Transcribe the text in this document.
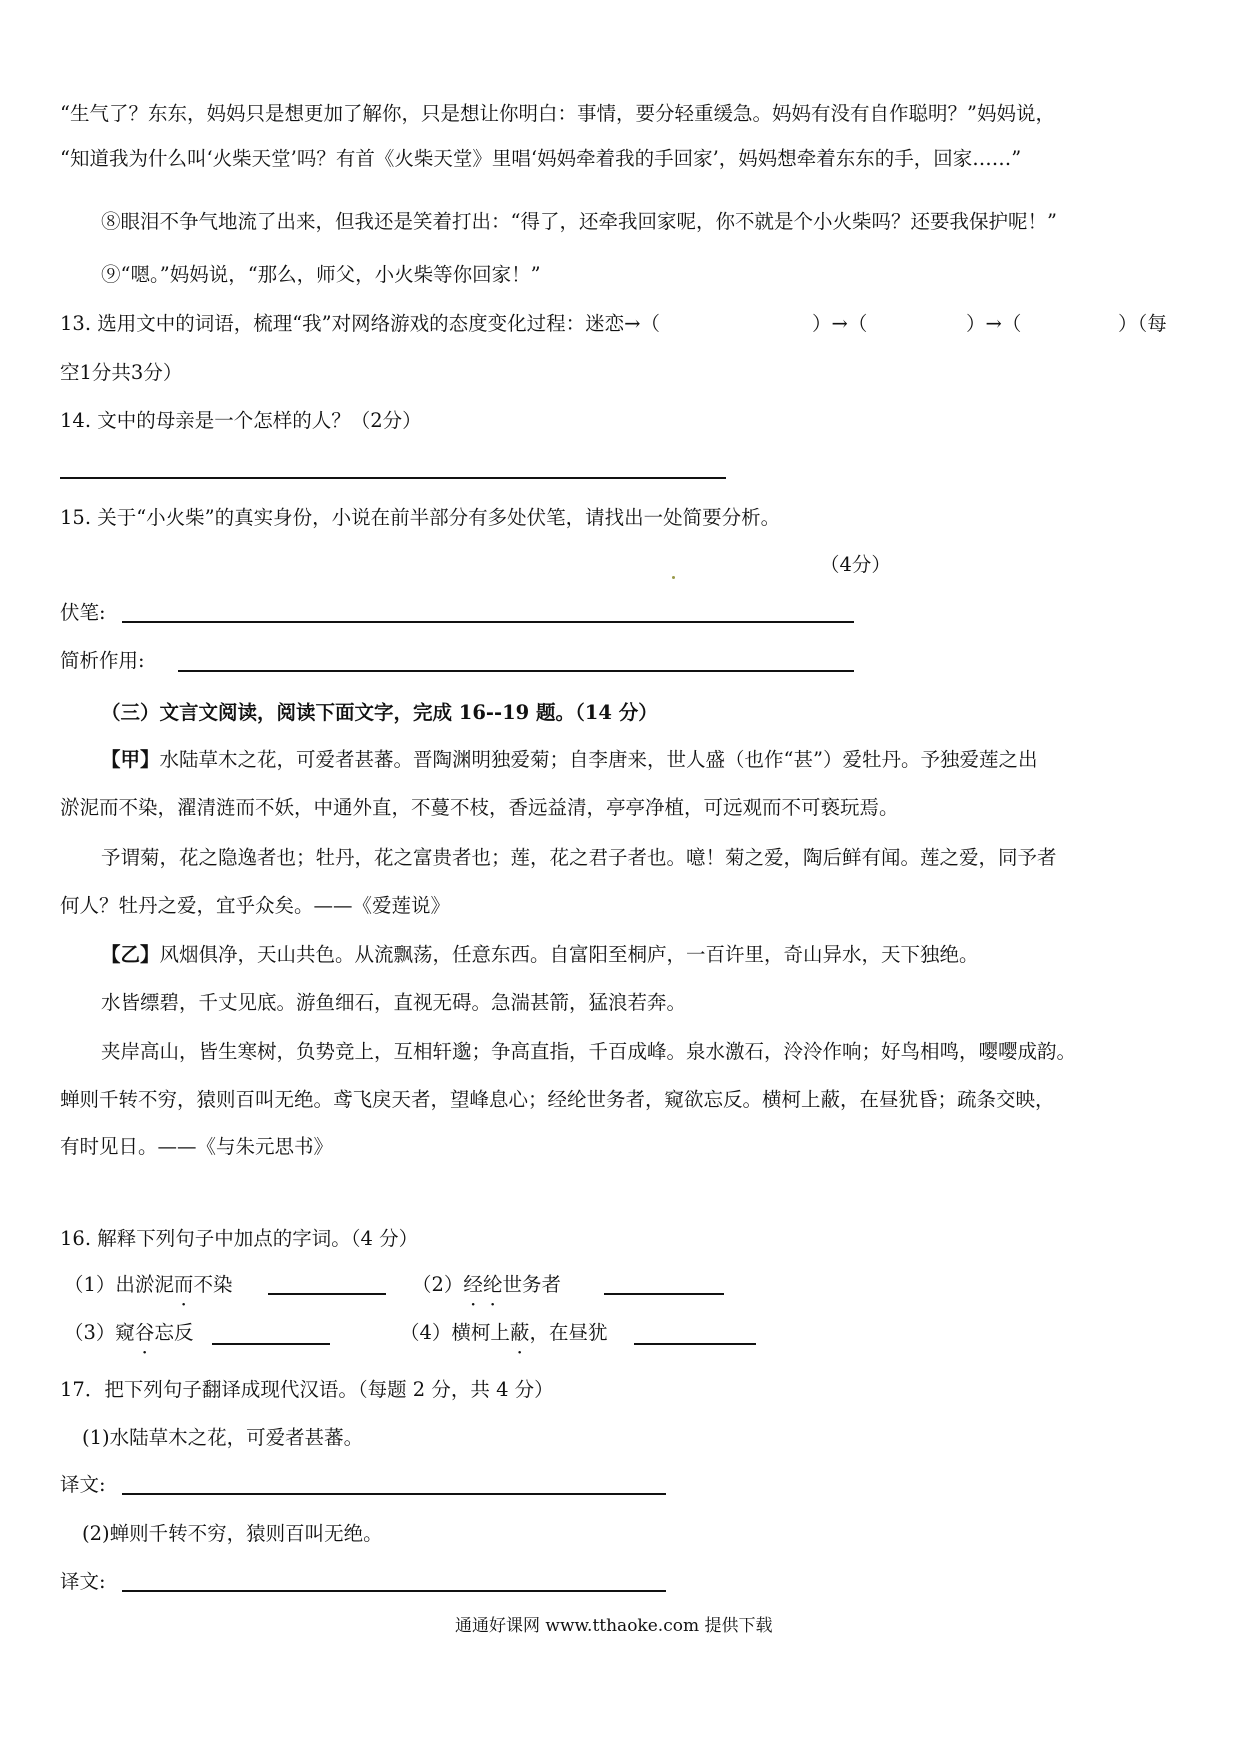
“生气了？东东，妈妈只是想更加了解你，只是想让你明白：事情，要分轻重缓急。妈妈有没有自作聪明？”妈妈说，
“知道我为什么叫‘火柴天堂’吗？有首《火柴天堂》里唱‘妈妈牵着我的手回家’，妈妈想牵着东东的手，回家……”
⑧眼泪不争气地流了出来，但我还是笑着打出：“得了，还牵我回家呢，你不就是个小火柴吗？还要我保护呢！”
⑨“嗯。”妈妈说，“那么，师父，小火柴等你回家！”
13. 选用文中的词语，梳理“我”对网络游戏的态度变化过程：迷恋→（	）→（	）→（	）（每
空1分共3分）
14. 文中的母亲是一个怎样的人？（2分）
15. 关于“小火柴”的真实身份，小说在前半部分有多处伏笔，请找出一处简要分析。
（4分）
伏笔:
简析作用:
（三）文言文阅读，阅读下面文字，完成 16--19 题。（14 分）
【甲】水陆草木之花，可爱者甚蕃。晋陶渊明独爱菊；自李唐来，世人盛（也作“甚”）爱牡丹。予独爱莲之出
淤泥而不染，濯清涟而不妖，中通外直，不蔓不枝，香远益清，亭亭净植，可远观而不可亵玩焉。
予谓菊，花之隐逸者也；牡丹，花之富贵者也；莲，花之君子者也。噫！菊之爱，陶后鲜有闻。莲之爱，同予者
何人？牡丹之爱，宜乎众矣。——《爱莲说》
【乙】风烟俱净，天山共色。从流飘荡，任意东西。自富阳至桐庐，一百许里，奇山异水，天下独绝。
水皆缥碧，千丈见底。游鱼细石，直视无碍。急湍甚箭，猛浪若奔。
夹岸高山，皆生寒树，负势竞上，互相轩邈；争高直指，千百成峰。泉水激石，泠泠作响；好鸟相鸣，嘤嘤成韵。
蝉则千转不穷，猿则百叫无绝。鸢飞戾天者，望峰息心；经纶世务者，窥欲忘反。横柯上蔽，在昼犹昏；疏条交映，
有时见日。——《与朱元思书》
16. 解释下列句子中加点的字词。（4 分）
（1）出淤泥而不染	（2）经纶世务者
（3）窥谷忘反	（4）横柯上蔽，在昼犹
17．把下列句子翻译成现代汉语。（每题 2 分，共 4 分）
(1)水陆草木之花，可爱者甚蕃。
译文:
(2)蝉则千转不穷，猿则百叫无绝。
译文:
通通好课网 www.tthaoke.com 提供下载
